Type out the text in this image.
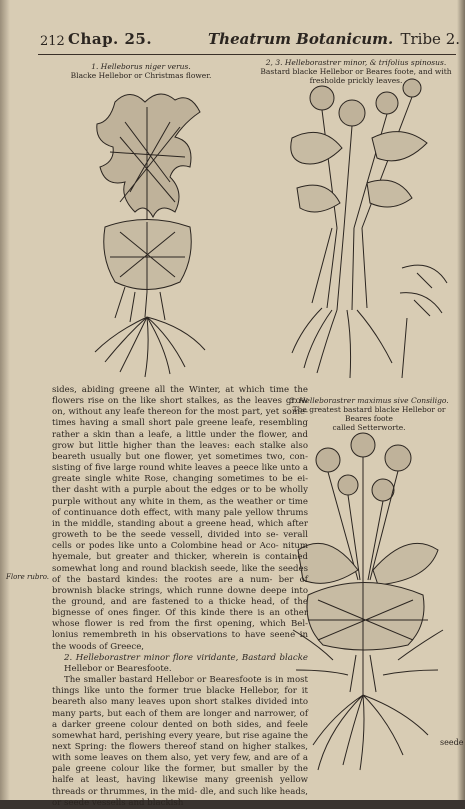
212 Chap. 25.	Theatrum Botanicum. Tribe 2.
1. Helleborus niger verus.
Blacke Hellebor or Christmas flower.
2, 3. Helleborastrer minor, & trifolius spinosus.
Bastard blacke Hellebor or Beares foote, and with fresholde prickly leaves.
3. Helleborastrer maximus sive Consiligo.
The greatest bastard blacke Hellebor or Beares foote
called Setterworte.

sides, abiding greene all the Winter, at which time the flowers rise on the like short stalkes, as the leaves grow on, without any leafe thereon for the most part, yet some- times having a small short pale greene leafe, resembling rather a skin than a leafe, a little under the flower, and grow but little higher than the leaves: each stalke also beareth usually but one flower, yet sometimes two, con- sisting of five large round white leaves a peece like unto a greate single white Rose, changing sometimes to be ei- ther dasht with a purple about the edges or to be wholly purple without any white in them, as the weather or time of continuance doth effect, with many pale yellow thrums in the middle, standing about a greene head, which after groweth to be the seede vessell, divided into se- verall cells or podes like unto a Colombine head or Aco- nitum hyemale, but greater and thicker, wherein is contained somewhat long and round blackish seede, like the seedes of the bastard kindes: the rootes are a num- ber of brownish blacke strings, which runne downe deepe into the ground, and are fastened to a thicke head, of the bignesse of ones finger. Of this kinde there is an other whose flower is red from the first opening, which Bel- lonius remembreth in his observations to have seene in the woods of Greece,

2. Helleborastrer minor flore viridante, Bastard blacke Hellebor or Bearesfoote.

The smaller bastard Hellebor or Bearesfoote is in most things like unto the former true blacke Hellebor, for it beareth also many leaves upon short stalkes divided into many parts, but each of them are longer and narrower, of a darker greene colour dented on both sides, and feele somewhat hard, perishing every yeare, but rise againe the next Spring: the flowers thereof stand on higher stalkes, with some leaves on them also, yet very few, and are of a pale greene colour like the former, but smaller by the halfe at least, having likewise many greenish yellow threads or thrummes, in the mid- dle, and such like heads, or seede vessells and blackish

Flore rubro.
seede
